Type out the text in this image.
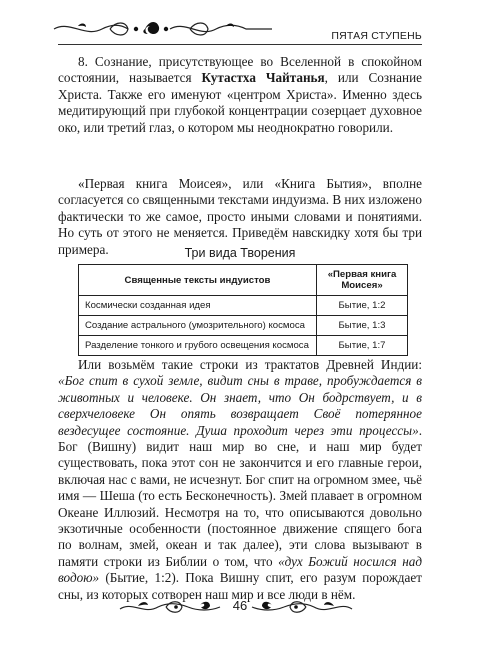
ПЯТАЯ СТУПЕНЬ

8. Сознание, присутствующее во Вселенной в спокойном состоянии, называется Кутастха Чайтанья, или Сознание Христа. Также его именуют «центром Христа». Именно здесь медитирующий при глубокой концентрации созерцает духовное око, или третий глаз, о котором мы неоднократно говорили.

«Первая книга Моисея», или «Книга Бытия», вполне согласуется со священными текстами индуизма. В них изложено фактически то же самое, просто иными словами и понятиями. Но суть от этого не меняется. Приведём навскидку хотя бы три примера.	Три вида Творения
Священные тексты индуистов	«Первая книга Моисея»
Космически созданная идея	Бытие, 1:2
Создание астрального (умозрительного) космоса	Бытие, 1:3
Разделение тонкого и грубого освещения космоса	Бытие, 1:7

Или возьмём такие строки из трактатов Древней Индии: «Бог спит в сухой земле, видит сны в траве, пробуждается в животных и человеке. Он знает, что Он бодрствует, и в сверхчеловеке Он опять возвращает Своё потерянное вездесущее состояние. Душа проходит через эти процессы». Бог (Вишну) видит наш мир во сне, и наш мир будет существовать, пока этот сон не закончится и его главные герои, включая нас с вами, не исчезнут. Бог спит на огромном змее, чьё имя — Шеша (то есть Бесконечность). Змей плавает в огромном Океане Иллюзий. Несмотря на то, что описываются довольно экзотичные особенности (постоянное движение спящего бога по волнам, змей, океан и так далее), эти слова вызывают в памяти строки из Библии о том, что «дух Божий носился над водою» (Бытие, 1:2). Пока Вишну спит, его разум порождает сны, из которых сотворен наш мир и все люди в нём.

46
